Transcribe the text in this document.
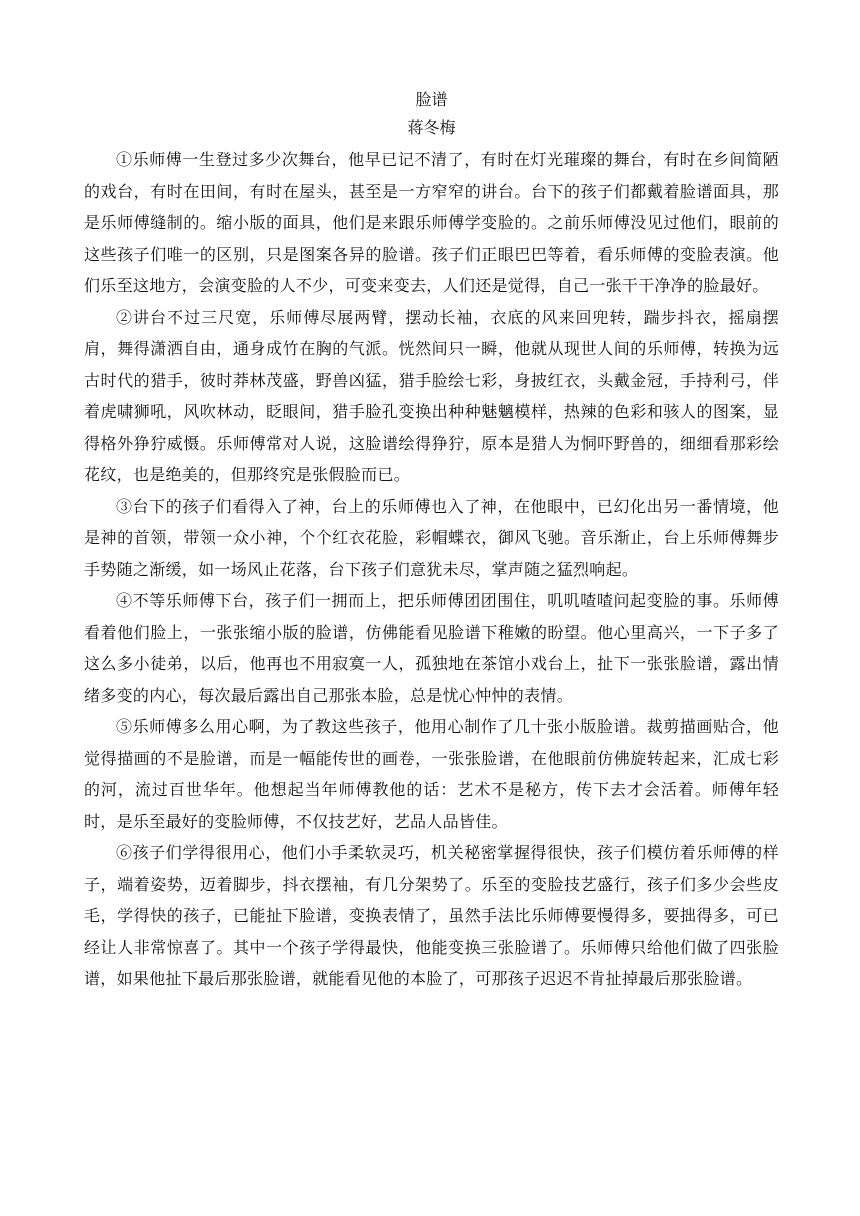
脸谱
蒋冬梅

①乐师傅一生登过多少次舞台，他早已记不清了，有时在灯光璀璨的舞台，有时在乡间简陋的戏台，有时在田间，有时在屋头，甚至是一方窄窄的讲台。台下的孩子们都戴着脸谱面具，那是乐师傅缝制的。缩小版的面具，他们是来跟乐师傅学变脸的。之前乐师傅没见过他们，眼前的这些孩子们唯一的区别，只是图案各异的脸谱。孩子们正眼巴巴等着，看乐师傅的变脸表演。他们乐至这地方，会演变脸的人不少，可变来变去，人们还是觉得，自己一张干干净净的脸最好。

②讲台不过三尺宽，乐师傅尽展两臂，摆动长袖，衣底的风来回兜转，踹步抖衣，摇扇摆肩，舞得潇洒自由，通身成竹在胸的气派。恍然间只一瞬，他就从现世人间的乐师傅，转换为远古时代的猎手，彼时莽林茂盛，野兽凶猛，猎手脸绘七彩，身披红衣，头戴金冠，手持利弓，伴着虎啸狮吼，风吹林动，眨眼间，猎手脸孔变换出种种魅魑模样，热辣的色彩和骇人的图案，显得格外狰狞威慑。乐师傅常对人说，这脸谱绘得狰狞，原本是猎人为恫吓野兽的，细细看那彩绘花纹，也是绝美的，但那终究是张假脸而已。

③台下的孩子们看得入了神，台上的乐师傅也入了神，在他眼中，已幻化出另一番情境，他是神的首领，带领一众小神，个个红衣花脸，彩帽蝶衣，御风飞驰。音乐渐止，台上乐师傅舞步手势随之渐缓，如一场风止花落，台下孩子们意犹未尽，掌声随之猛烈响起。

④不等乐师傅下台，孩子们一拥而上，把乐师傅团团围住，叽叽喳喳问起变脸的事。乐师傅看着他们脸上，一张张缩小版的脸谱，仿佛能看见脸谱下稚嫩的盼望。他心里高兴，一下子多了这么多小徒弟，以后，他再也不用寂寞一人，孤独地在茶馆小戏台上，扯下一张张脸谱，露出情绪多变的内心，每次最后露出自己那张本脸，总是忧心忡忡的表情。

⑤乐师傅多么用心啊，为了教这些孩子，他用心制作了几十张小版脸谱。裁剪描画贴合，他觉得描画的不是脸谱，而是一幅能传世的画卷，一张张脸谱，在他眼前仿佛旋转起来，汇成七彩的河，流过百世华年。他想起当年师傅教他的话：艺术不是秘方，传下去才会活着。师傅年轻时，是乐至最好的变脸师傅，不仅技艺好，艺品人品皆佳。

⑥孩子们学得很用心，他们小手柔软灵巧，机关秘密掌握得很快，孩子们模仿着乐师傅的样子，端着姿势，迈着脚步，抖衣摆袖，有几分架势了。乐至的变脸技艺盛行，孩子们多少会些皮毛，学得快的孩子，已能扯下脸谱，变换表情了，虽然手法比乐师傅要慢得多，要拙得多，可已经让人非常惊喜了。其中一个孩子学得最快，他能变换三张脸谱了。乐师傅只给他们做了四张脸谱，如果他扯下最后那张脸谱，就能看见他的本脸了，可那孩子迟迟不肯扯掉最后那张脸谱。
